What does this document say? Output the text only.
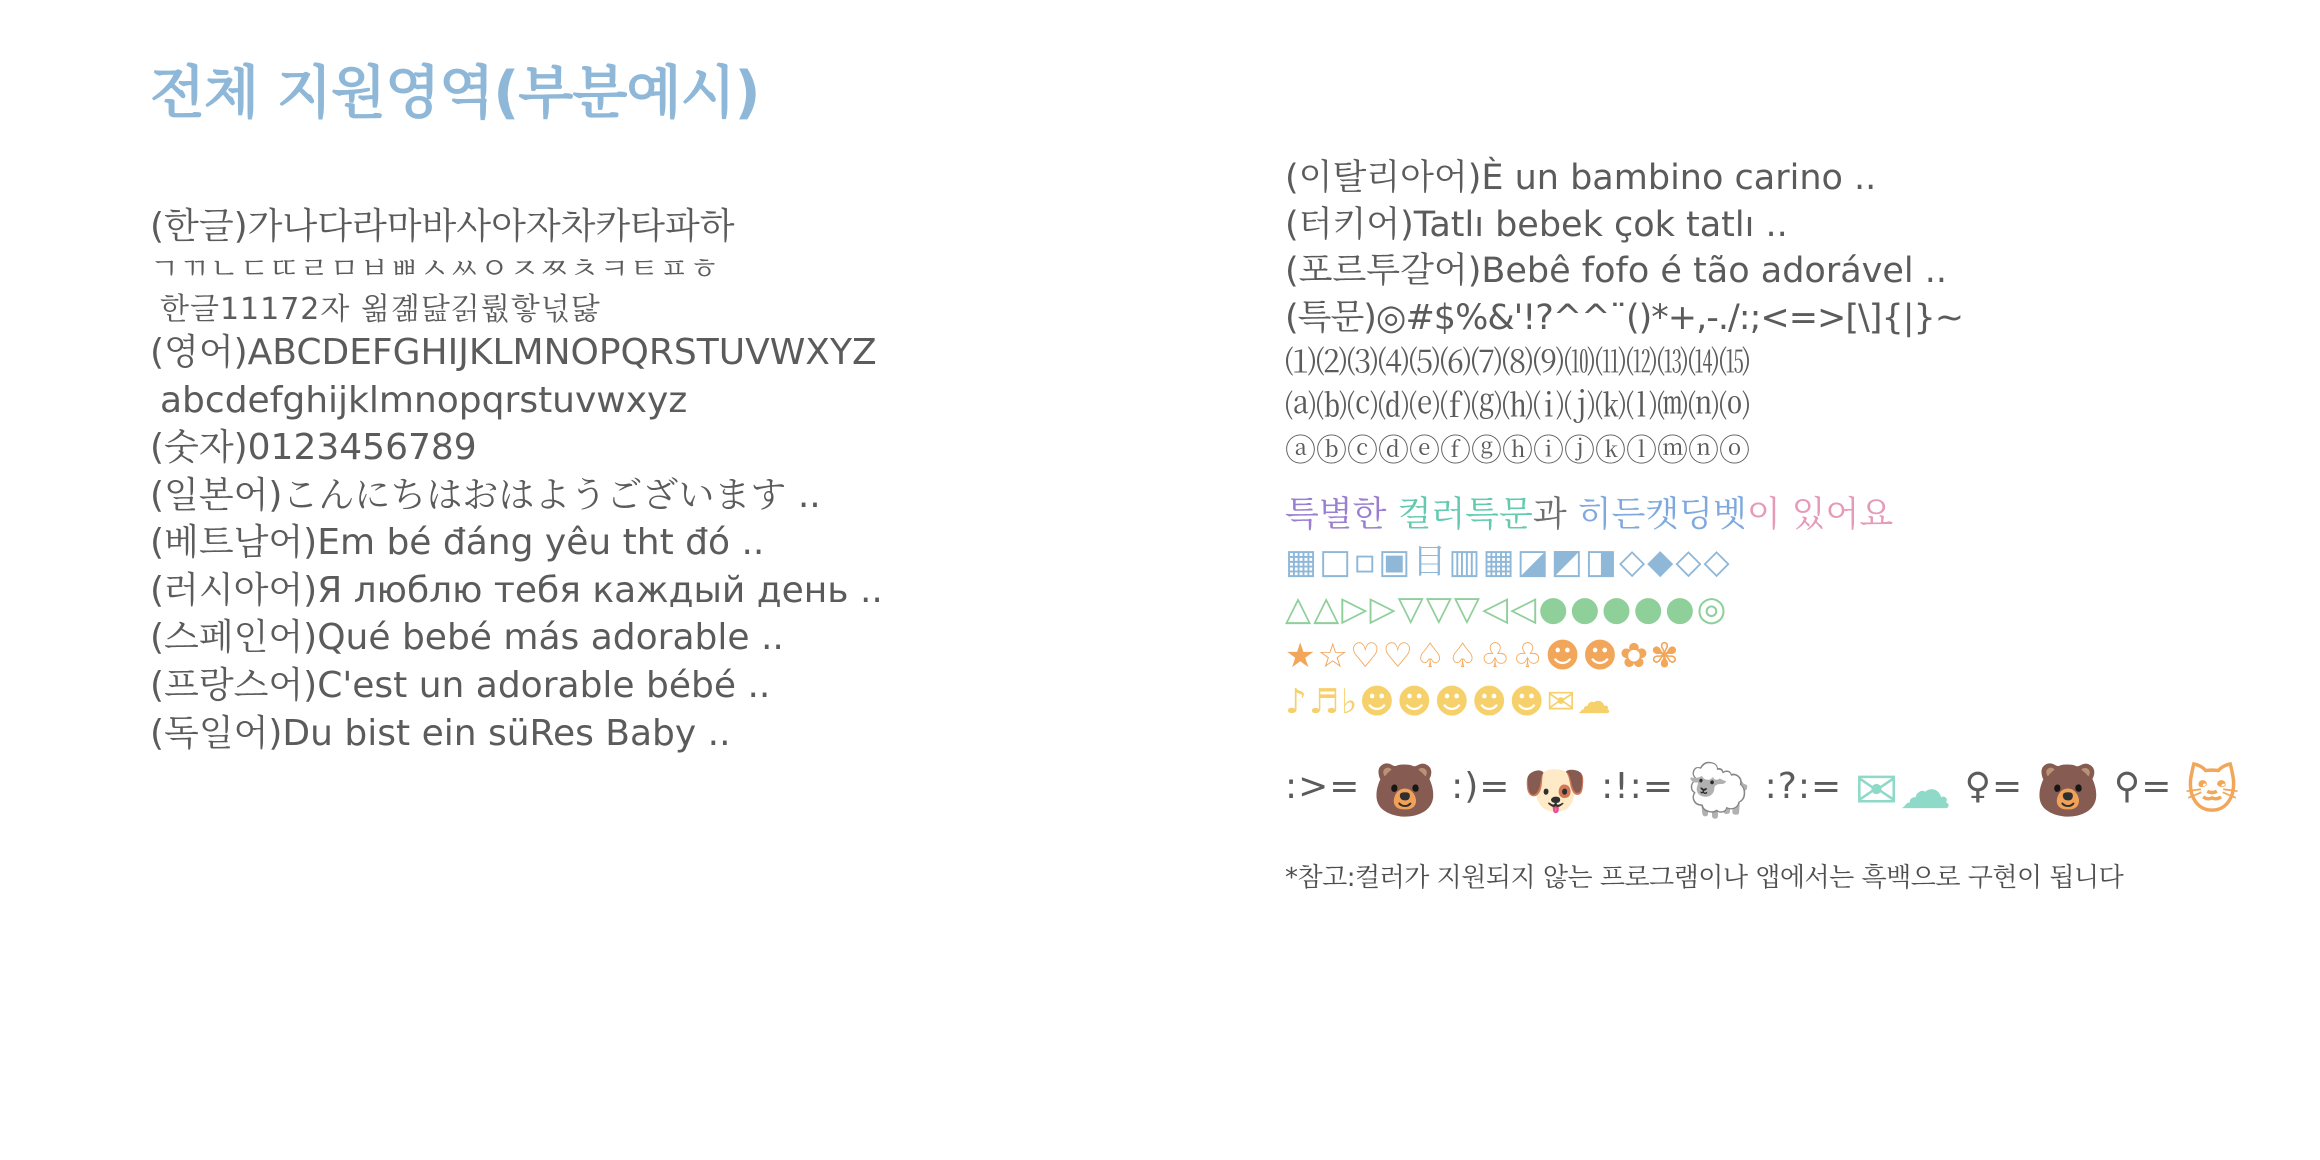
전체 지원영역(부분예시)
(한글)가나다라마바사아자차카타파하
ㄱㄲㄴㄷㄸㄹㅁㅂㅃㅅㅆㅇㅈㅉㅊㅋㅌㅍㅎ
한글11172자 욂곎닲긹뤖핳넋닳
(영어)ABCDEFGHIJKLMNOPQRSTUVWXYZ
abcdefghijklmnopqrstuvwxyz
(숫자)0123456789
(일본어)こんにちはおはようございます ..
(베트남어)Em bé đáng yêu tht đó ..
(러시아어)Я люблю тебя каждый день ..
(스페인어)Qué bebé más adorable ..
(프랑스어)C'est un adorable bébé ..
(독일어)Du bist ein süRes Baby ..
(이탈리아어)È un bambino carino ..
(터키어)Tatlı bebek çok tatlı ..
(포르투갈어)Bebê fofo é tão adorável ..
(특문)◎#$%&'!?^^¨()*+,-./:;<=>[\]{|}~
⑴⑵⑶⑷⑸⑹⑺⑻⑼⑽⑾⑿⒀⒁⒂
⒜⒝⒞⒟⒠⒡⒢⒣⒤⒥⒦⒧⒨⒩⒪
ⓐⓑⓒⓓⓔⓕⓖⓗⓘⓙⓚⓛⓜⓝⓞ
특별한 컬러특문과 히든캣딩벳이 있어요
▦□▫▣目▥▦◪◩◨◇◆◇◇
△△▷▷▽▽▽◁◁●●●●●◎
★☆♡♡♤♤♧♧☻☻✿✾
♪♬♭☻☻☻☻☻✉☁
:>= 🐻 :)= 🐶 :!:= 🐑 :?:= ✉☁ ♀= 🐻 ⚲= 🐱
*참고:컬러가 지원되지 않는 프로그램이나 앱에서는 흑백으로 구현이 됩니다
